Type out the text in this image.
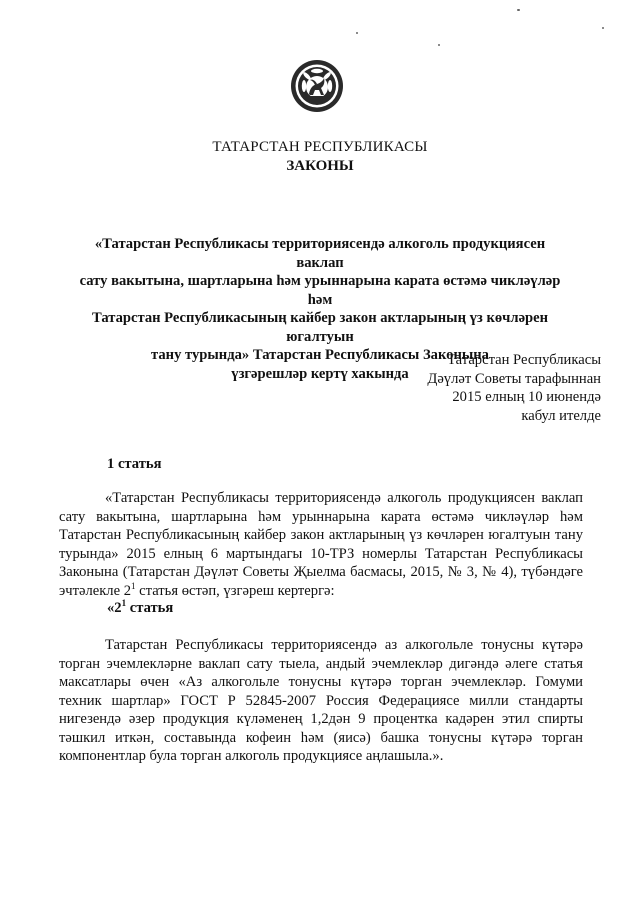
ТАТАРСТАН РЕСПУБЛИКАСЫ
ЗАКОНЫ
«Татарстан Республикасы территориясендә алкоголь продукциясен ваклап
сату вакытына, шартларына һәм урыннарына карата өстәмә чикләүләр һәм
Татарстан Республикасының кайбер закон актларының үз көчләрен югалтуын
тану турында» Татарстан Республикасы Законына
үзгәрешләр кертү хакында
Татарстан Республикасы
Дәүләт Советы тарафыннан
2015 елның 10 июнендә
кабул ителде
1 статья
«Татарстан Республикасы территориясендә алкоголь продукциясен ваклап сату вакытына, шартларына һәм урыннарына карата өстәмә чикләүләр һәм Татарстан Республикасының кайбер закон актларының үз көчләрен югалтуын тану турында» 2015 елның 6 мартындагы 10-ТРЗ номерлы Татарстан Республикасы Законына (Татарстан Дәүләт Советы Җыелма басмасы, 2015, № 3, № 4), түбәндәге эчтәлекле $2^1$ статья өстәп, үзгәреш кертергә:
«$2^1$ статья
Татарстан Республикасы территориясендә аз алкогольле тонусны күтәрә торган эчемлекләрне ваклап сату тыела, андый эчемлекләр дигәндә әлеге статья максатлары өчен «Аз алкогольле тонусны күтәрә торган эчемлекләр. Гомуми техник шартлар» ГОСТ Р 52845-2007 Россия Федерациясе милли стандарты нигезендә әзер продукция күләменең 1,2дән 9 процентка кадәрен этил спирты тәшкил иткән, составында кофеин һәм (яисә) башка тонусны күтәрә торган компонентлар була торган алкоголь продукциясе аңлашыла.».
